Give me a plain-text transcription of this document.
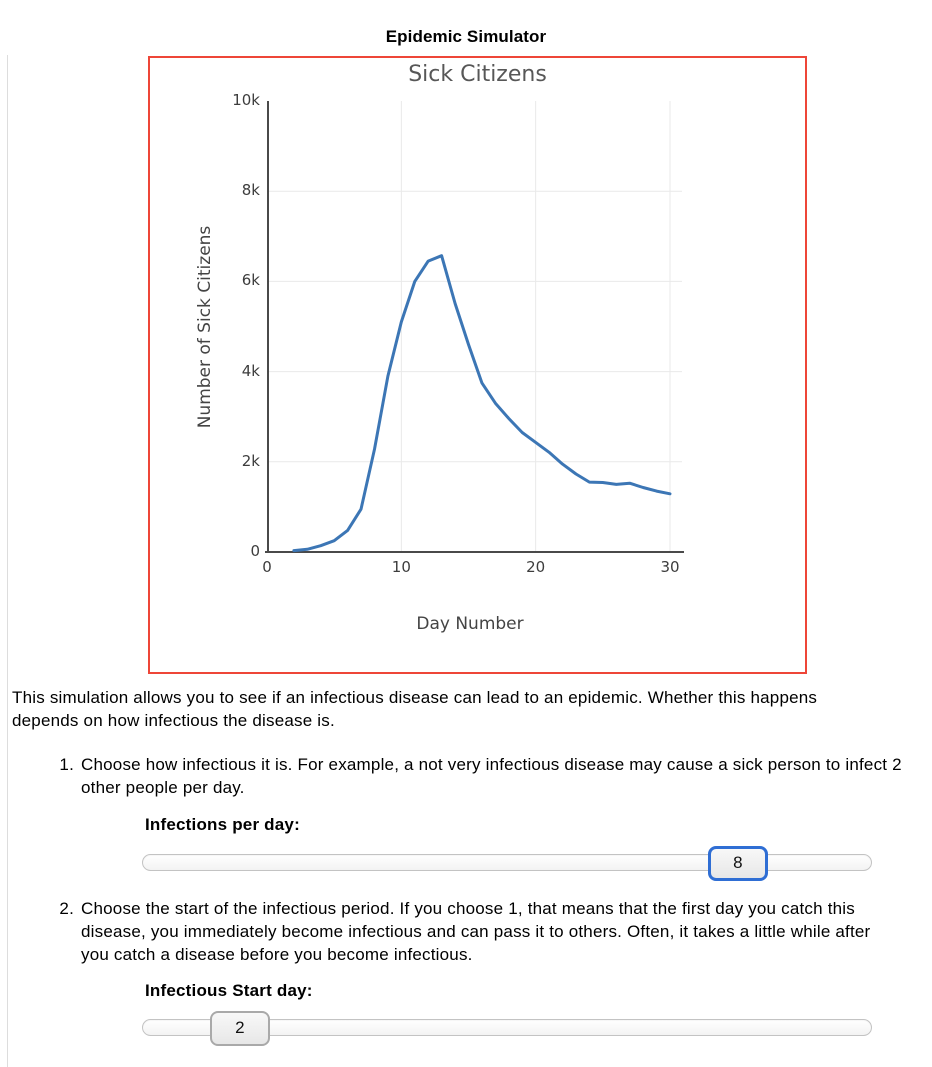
Epidemic Simulator
Sick Citizens
Number of Sick Citizens
Day Number
0
2k
4k
6k
8k
10k
0	10	20	30

This simulation allows you to see if an infectious disease can lead to an epidemic. Whether this happens depends on how infectious the disease is.

1. Choose how infectious it is. For example, a not very infectious disease may cause a sick person to infect 2 other people per day.
Infections per day:
8
2. Choose the start of the infectious period. If you choose 1, that means that the first day you catch this disease, you immediately become infectious and can pass it to others. Often, it takes a little while after you catch a disease before you become infectious.
Infectious Start day:
2
